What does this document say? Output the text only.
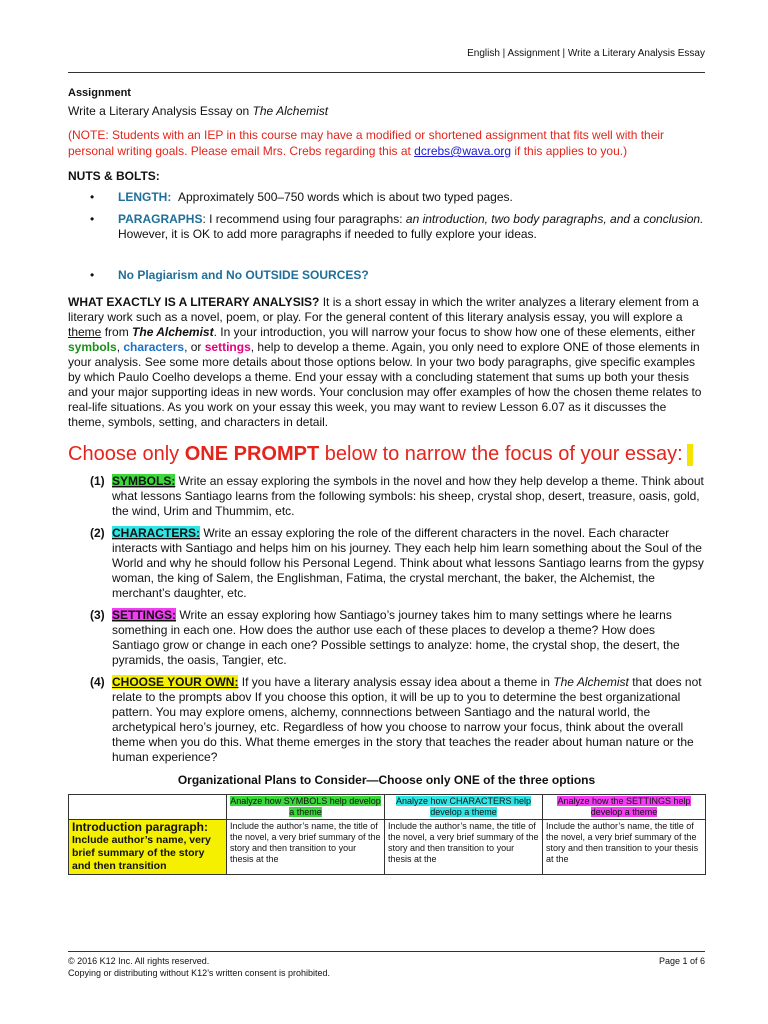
English | Assignment | Write a Literary Analysis Essay

Assignment

Write a Literary Analysis Essay on The Alchemist

(NOTE: Students with an IEP in this course may have a modified or shortened assignment that fits well with their personal writing goals. Please email Mrs. Crebs regarding this at dcrebs@wava.org if this applies to you.)

NUTS & BOLTS:

• LENGTH: Approximately 500–750 words which is about two typed pages.
• PARAGRAPHS: I recommend using four paragraphs: an introduction, two body paragraphs, and a conclusion. However, it is OK to add more paragraphs if needed to fully explore your ideas.
• No Plagiarism and No OUTSIDE SOURCES?

WHAT EXACTLY IS A LITERARY ANALYSIS? It is a short essay in which the writer analyzes a literary element from a literary work such as a novel, poem, or play. For the general content of this literary analysis essay, you will explore a theme from The Alchemist. In your introduction, you will narrow your focus to show how one of these elements, either symbols, characters, or settings, help to develop a theme. Again, you only need to explore ONE of those elements in your analysis. See some more details about those options below. In your two body paragraphs, give specific examples by which Paulo Coelho develops a theme. End your essay with a concluding statement that sums up both your thesis and your major supporting ideas in new words. Your conclusion may offer examples of how the chosen theme relates to real-life situations. As you work on your essay this week, you may want to review Lesson 6.07 as it discusses the theme, symbols, setting, and characters in detail.

Choose only ONE PROMPT below to narrow the focus of your essay:
(1) SYMBOLS: Write an essay exploring the symbols in the novel and how they help develop a theme. Think about what lessons Santiago learns from the following symbols: his sheep, crystal shop, desert, treasure, oasis, gold, the wind, Urim and Thummim, etc.
(2) CHARACTERS: Write an essay exploring the role of the different characters in the novel. Each character interacts with Santiago and helps him on his journey. They each help him learn something about the Soul of the World and why he should follow his Personal Legend. Think about what lessons Santiago learns from the gypsy woman, the king of Salem, the Englishman, Fatima, the crystal merchant, the baker, the Alchemist, the merchant’s daughter, etc.
(3) SETTINGS: Write an essay exploring how Santiago’s journey takes him to many settings where he learns something in each one. How does the author use each of these places to develop a theme? How does Santiago grow or change in each one? Possible settings to analyze: home, the crystal shop, the desert, the pyramids, the oasis, Tangier, etc.
(4) CHOOSE YOUR OWN: If you have a literary analysis essay idea about a theme in The Alchemist that does not relate to the prompts abov If you choose this option, it will be up to you to determine the best organizational pattern. You may explore omens, alchemy, connnections between Santiago and the natural world, the archetypical hero’s journey, etc. Regardless of how you choose to narrow your focus, think about the overall theme when you do this. What theme emerges in the story that teaches the reader about human nature or the human experience?
Organizational Plans to Consider—Choose only ONE of the three options
	Analyze how SYMBOLS help develop a theme	Analyze how CHARACTERS help develop a theme	Analyze how the SETTINGS help develop a theme

Introduction paragraph:
Include author’s name, very brief summary of the story and then transition	Include the author’s name, the title of the novel, a very brief summary of the story and then transition to your thesis at the	Include the author’s name, the title of the novel, a very brief summary of the story and then transition to your thesis at the	Include the author’s name, the title of the novel, a very brief summary of the story and then transition to your thesis at the
© 2016 K12 Inc. All rights reserved.
Copying or distributing without K12’s written consent is prohibited.
Page 1 of 6
